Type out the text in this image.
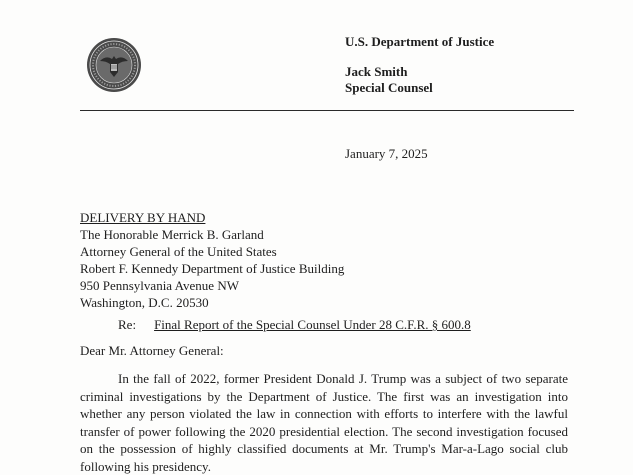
U.S. Department of Justice
Jack Smith
Special Counsel
January 7, 2025
DELIVERY BY HAND
The Honorable Merrick B. Garland
Attorney General of the United States
Robert F. Kennedy Department of Justice Building
950 Pennsylvania Avenue NW
Washington, D.C. 20530
Re: Final Report of the Special Counsel Under 28 C.F.R. § 600.8
Dear Mr. Attorney General:

In the fall of 2022, former President Donald J. Trump was a subject of two separate criminal investigations by the Department of Justice. The first was an investigation into whether any person violated the law in connection with efforts to interfere with the lawful transfer of power following the 2020 presidential election. The second investigation focused on the possession of highly classified documents at Mr. Trump's Mar-a-Lago social club following his presidency.
